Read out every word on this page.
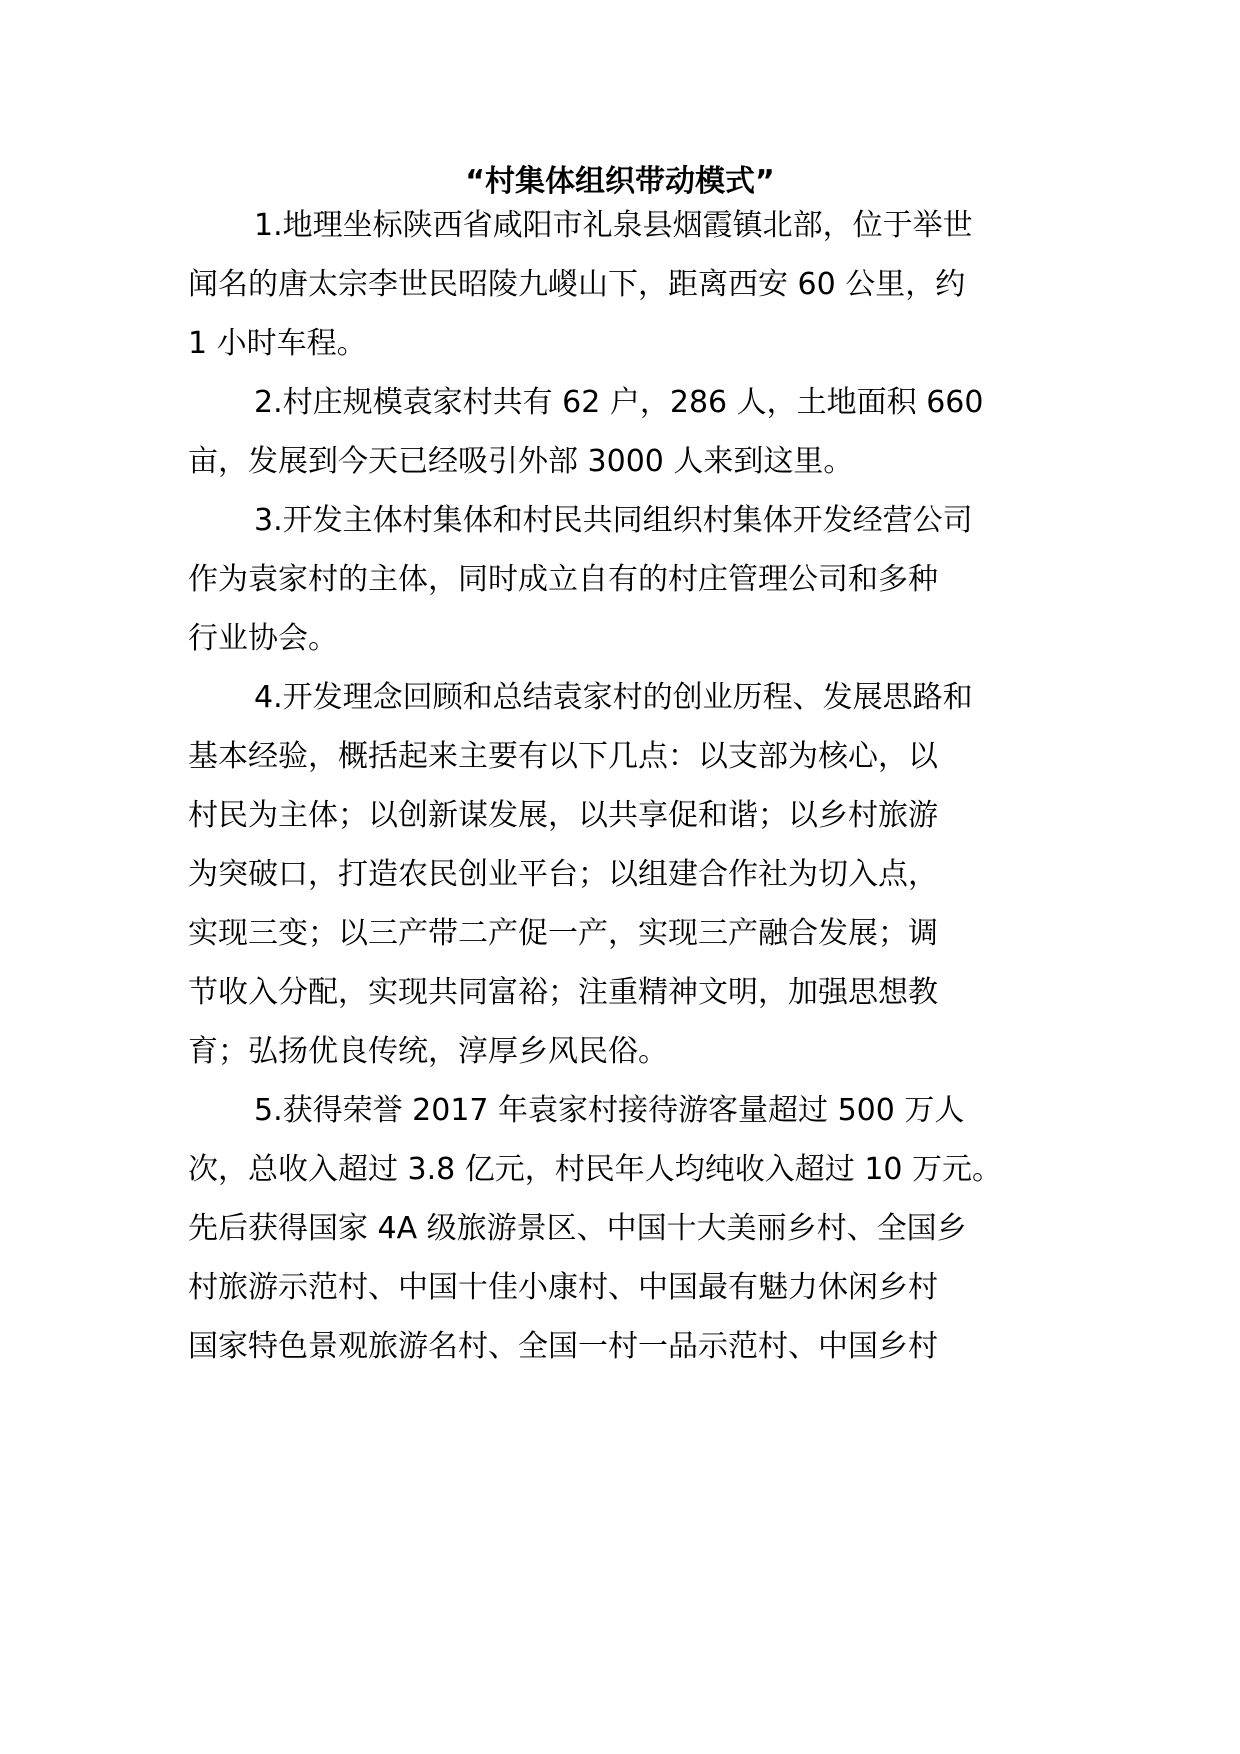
“村集体组织带动模式”
1.地理坐标陕西省咸阳市礼泉县烟霞镇北部，位于举世
闻名的唐太宗李世民昭陵九嵕山下，距离西安 60 公里，约
1 小时车程。
2.村庄规模袁家村共有 62 户，286 人，土地面积 660
亩，发展到今天已经吸引外部 3000 人来到这里。
3.开发主体村集体和村民共同组织村集体开发经营公司
作为袁家村的主体，同时成立自有的村庄管理公司和多种
行业协会。
4.开发理念回顾和总结袁家村的创业历程、发展思路和
基本经验，概括起来主要有以下几点：以支部为核心，以
村民为主体；以创新谋发展，以共享促和谐；以乡村旅游
为突破口，打造农民创业平台；以组建合作社为切入点，
实现三变；以三产带二产促一产，实现三产融合发展；调
节收入分配，实现共同富裕；注重精神文明，加强思想教
育；弘扬优良传统，淳厚乡风民俗。
5.获得荣誉 2017 年袁家村接待游客量超过 500 万人
次，总收入超过 3.8 亿元，村民年人均纯收入超过 10 万元。
先后获得国家 4A 级旅游景区、中国十大美丽乡村、全国乡
村旅游示范村、中国十佳小康村、中国最有魅力休闲乡村
国家特色景观旅游名村、全国一村一品示范村、中国乡村
